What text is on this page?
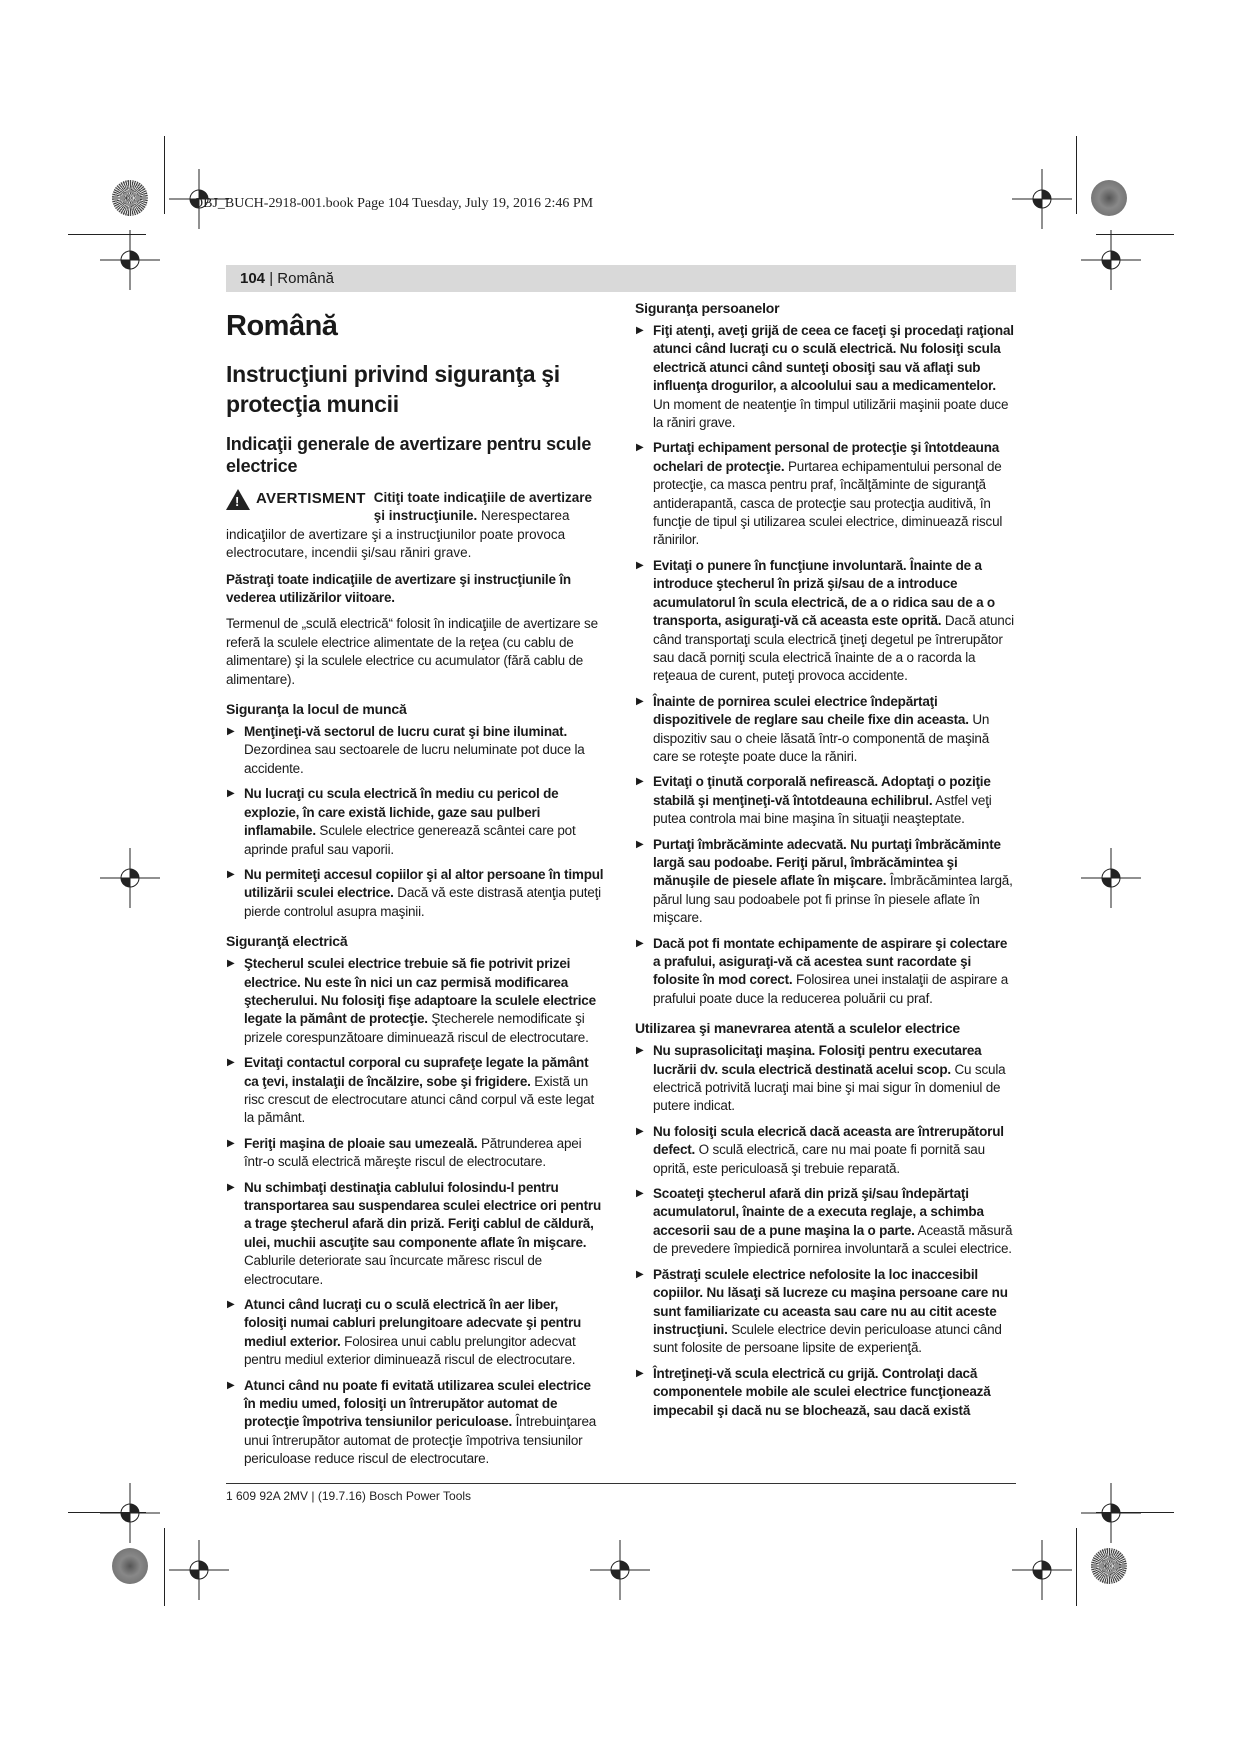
OBJ_BUCH-2918-001.book Page 104 Tuesday, July 19, 2016 2:46 PM
104 | Română
Română
Instrucţiuni privind siguranţa şi protecţia muncii
Indicaţii generale de avertizare pentru scule electrice
! AVERTISMENT Citiţi toate indicaţiile de avertizare şi instrucţiunile. Nerespectarea indicaţiilor de avertizare şi a instrucţiunilor poate provoca electrocutare, incendii şi/sau răniri grave.

Păstraţi toate indicaţiile de avertizare şi instrucţiunile în vederea utilizărilor viitoare.

Termenul de „sculă electrică“ folosit în indicaţiile de avertizare se referă la sculele electrice alimentate de la reţea (cu cablu de alimentare) şi la sculele electrice cu acumulator (fără cablu de alimentare).

Siguranţa la locul de muncă
▶ Menţineţi-vă sectorul de lucru curat şi bine iluminat. Dezordinea sau sectoarele de lucru neluminate pot duce la accidente.
▶ Nu lucraţi cu scula electrică în mediu cu pericol de explozie, în care există lichide, gaze sau pulberi inflamabile. Sculele electrice generează scântei care pot aprinde praful sau vaporii.
▶ Nu permiteţi accesul copiilor şi al altor persoane în timpul utilizării sculei electrice. Dacă vă este distrasă atenţia puteţi pierde controlul asupra maşinii.
Siguranţă electrică
▶ Ştecherul sculei electrice trebuie să fie potrivit prizei electrice. Nu este în nici un caz permisă modificarea ştecherului. Nu folosiţi fişe adaptoare la sculele electrice legate la pământ de protecţie. Ştecherele nemodificate şi prizele corespunzătoare diminuează riscul de electrocutare.
▶ Evitaţi contactul corporal cu suprafeţe legate la pământ ca ţevi, instalaţii de încălzire, sobe şi frigidere. Există un risc crescut de electrocutare atunci când corpul vă este legat la pământ.
▶ Feriţi maşina de ploaie sau umezeală. Pătrunderea apei într-o sculă electrică măreşte riscul de electrocutare.
▶ Nu schimbaţi destinaţia cablului folosindu-l pentru transportarea sau suspendarea sculei electrice ori pentru a trage ştecherul afară din priză. Feriţi cablul de căldură, ulei, muchii ascuţite sau componente aflate în mişcare. Cablurile deteriorate sau încurcate măresc riscul de electrocutare.
▶ Atunci când lucraţi cu o sculă electrică în aer liber, folosiţi numai cabluri prelungitoare adecvate şi pentru mediul exterior. Folosirea unui cablu prelungitor adecvat pentru mediul exterior diminuează riscul de electrocutare.
▶ Atunci când nu poate fi evitată utilizarea sculei electrice în mediu umed, folosiţi un întrerupător automat de protecţie împotriva tensiunilor periculoase. Întrebuinţarea unui întrerupător automat de protecţie împotriva tensiunilor periculoase reduce riscul de electrocutare.
Siguranţa persoanelor
▶ Fiţi atenţi, aveţi grijă de ceea ce faceţi şi procedaţi raţional atunci când lucraţi cu o sculă electrică. Nu folosiţi scula electrică atunci când sunteţi obosiţi sau vă aflaţi sub influenţa drogurilor, a alcoolului sau a medicamentelor. Un moment de neatenţie în timpul utilizării maşinii poate duce la răniri grave.
▶ Purtaţi echipament personal de protecţie şi întotdeauna ochelari de protecţie. Purtarea echipamentului personal de protecţie, ca masca pentru praf, încălţăminte de siguranţă antiderapantă, casca de protecţie sau protecţia auditivă, în funcţie de tipul şi utilizarea sculei electrice, diminuează riscul rănirilor.
▶ Evitaţi o punere în funcţiune involuntară. Înainte de a introduce ştecherul în priză şi/sau de a introduce acumulatorul în scula electrică, de a o ridica sau de a o transporta, asiguraţi-vă că aceasta este oprită. Dacă atunci când transportaţi scula electrică ţineţi degetul pe întrerupător sau dacă porniţi scula electrică înainte de a o racorda la reţeaua de curent, puteţi provoca accidente.
▶ Înainte de pornirea sculei electrice îndepărtaţi dispozitivele de reglare sau cheile fixe din aceasta. Un dispozitiv sau o cheie lăsată într-o componentă de maşină care se roteşte poate duce la răniri.
▶ Evitaţi o ţinută corporală nefirească. Adoptaţi o poziţie stabilă şi menţineţi-vă întotdeauna echilibrul. Astfel veţi putea controla mai bine maşina în situaţii neaşteptate.
▶ Purtaţi îmbrăcăminte adecvată. Nu purtaţi îmbrăcăminte largă sau podoabe. Feriţi părul, îmbrăcămintea şi mănuşile de piesele aflate în mişcare. Îmbrăcămintea largă, părul lung sau podoabele pot fi prinse în piesele aflate în mişcare.
▶ Dacă pot fi montate echipamente de aspirare şi colectare a prafului, asiguraţi-vă că acestea sunt racordate şi folosite în mod corect. Folosirea unei instalaţii de aspirare a prafului poate duce la reducerea poluării cu praf.
Utilizarea şi manevrarea atentă a sculelor electrice
▶ Nu suprasolicitaţi maşina. Folosiţi pentru executarea lucrării dv. scula electrică destinată acelui scop. Cu scula electrică potrivită lucraţi mai bine şi mai sigur în domeniul de putere indicat.
▶ Nu folosiţi scula elecrică dacă aceasta are întrerupătorul defect. O sculă electrică, care nu mai poate fi pornită sau oprită, este periculoasă şi trebuie reparată.
▶ Scoateţi ştecherul afară din priză şi/sau îndepărtaţi acumulatorul, înainte de a executa reglaje, a schimba accesorii sau de a pune maşina la o parte. Această măsură de prevedere împiedică pornirea involuntară a sculei electrice.
▶ Păstraţi sculele electrice nefolosite la loc inaccesibil copiilor. Nu lăsaţi să lucreze cu maşina persoane care nu sunt familiarizate cu aceasta sau care nu au citit aceste instrucţiuni. Sculele electrice devin periculoase atunci când sunt folosite de persoane lipsite de experienţă.
▶ Întreţineţi-vă scula electrică cu grijă. Controlaţi dacă componentele mobile ale sculei electrice funcţionează impecabil şi dacă nu se blochează, sau dacă există
1 609 92A 2MV | (19.7.16) Bosch Power Tools
